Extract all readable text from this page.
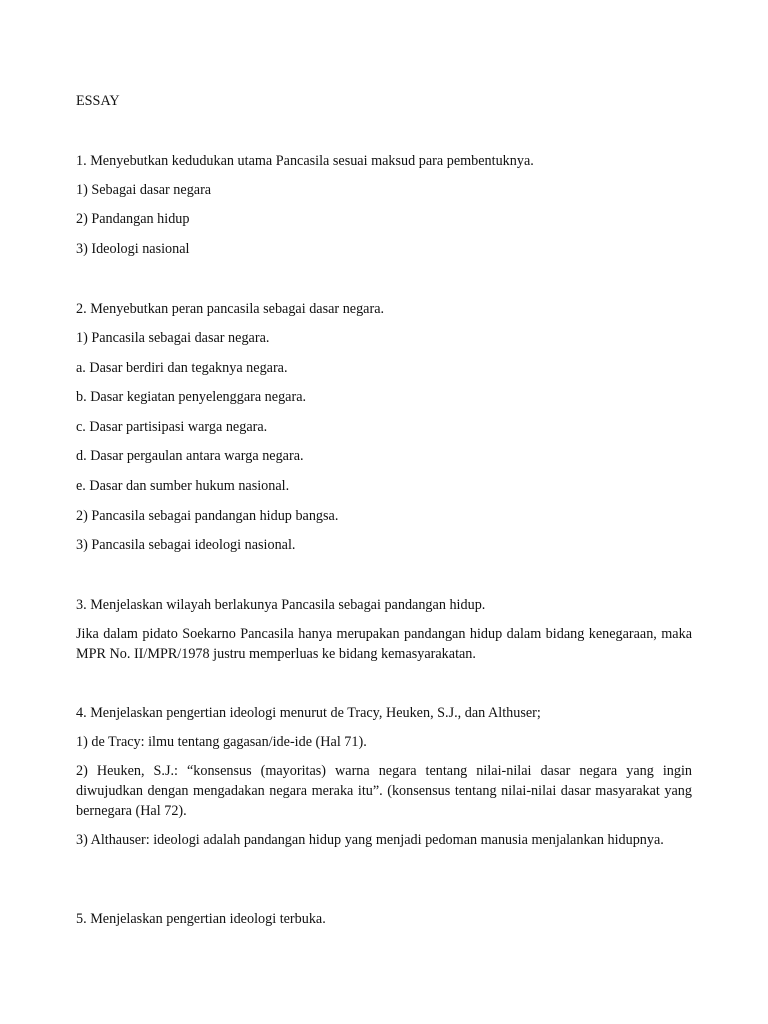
ESSAY

1. Menyebutkan kedudukan utama Pancasila sesuai maksud para pembentuknya.

1) Sebagai dasar negara

2) Pandangan hidup

3) Ideologi nasional

2. Menyebutkan peran pancasila sebagai dasar negara.

1) Pancasila sebagai dasar negara.

a. Dasar berdiri dan tegaknya negara.

b. Dasar kegiatan penyelenggara negara.

c. Dasar partisipasi warga negara.

d. Dasar pergaulan antara warga negara.

e. Dasar dan sumber hukum nasional.

2) Pancasila sebagai pandangan hidup bangsa.

3) Pancasila sebagai ideologi nasional.

3. Menjelaskan wilayah berlakunya Pancasila sebagai pandangan hidup.

Jika dalam pidato Soekarno Pancasila hanya merupakan pandangan hidup dalam bidang kenegaraan, maka MPR No. II/MPR/1978 justru memperluas ke bidang kemasyarakatan.

4. Menjelaskan pengertian ideologi menurut de Tracy, Heuken, S.J., dan Althuser;

1) de Tracy: ilmu tentang gagasan/ide-ide (Hal 71).

2) Heuken, S.J.: “konsensus (mayoritas) warna negara tentang nilai-nilai dasar negara yang ingin diwujudkan dengan mengadakan negara meraka itu”. (konsensus tentang nilai-nilai dasar masyarakat yang bernegara (Hal 72).

3) Althauser: ideologi adalah pandangan hidup yang menjadi pedoman manusia menjalankan hidupnya.

5. Menjelaskan pengertian ideologi terbuka.
